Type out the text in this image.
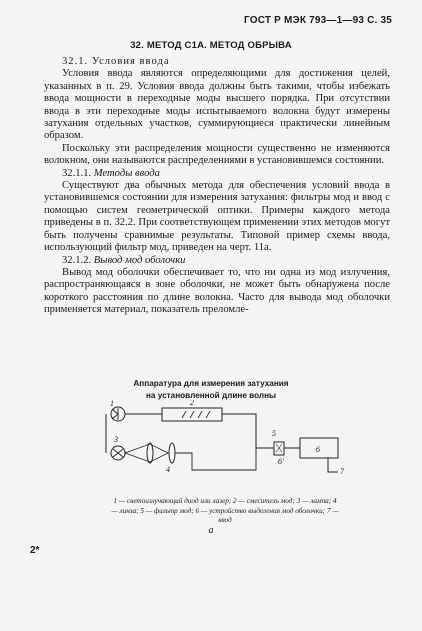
ГОСТ Р МЭК 793—1—93 С. 35
32. МЕТОД С1А. МЕТОД ОБРЫВА

32.1. Условия ввода

Условия ввода являются определяющими для достижения целей, указанных в п. 29. Условия ввода должны быть такими, чтобы избежать ввода мощности в переходные моды высшего порядка. При отсутствии ввода в эти переходные моды испытываемого волокна будут измерены затухания отдельных участков, суммирующиеся практически линейным образом.

Поскольку эти распределения мощности существенно не изменяются волокном, они называются распределениями в установившемся состоянии.

32.1.1. Методы ввода

Существуют два обычных метода для обеспечения условий ввода в установившемся состоянии для измерения затухания: фильтры мод и ввод с помощью систем геометрической оптики. Примеры каждого метода приведены в п. 32.2. При соответствующем применении этих методов могут быть получены сравнимые результаты. Типовой пример схемы ввода, использующий фильтр мод, приведен на черт. 11а.

32.1.2. Вывод мод оболочки

Вывод мод оболочки обеспечивает то, что ни одна из мод излучения, распространяющаяся в зоне оболочки, не может быть обнаружена после короткого расстояния по длине волокна. Часто для вывода мод оболочки применяется материал, показатель преломле-

Аппаратура для измерения затухания
на установленной длине волны
1	2
3
4
5
6
7
6'
1 — светоизлучающий диод или лазер; 2 — смеситель мод; 3 — лампа; 4 — линза; 5 — фильтр мод; 6 — устройство выделения мод оболочки; 7 — ввод
а
2*
